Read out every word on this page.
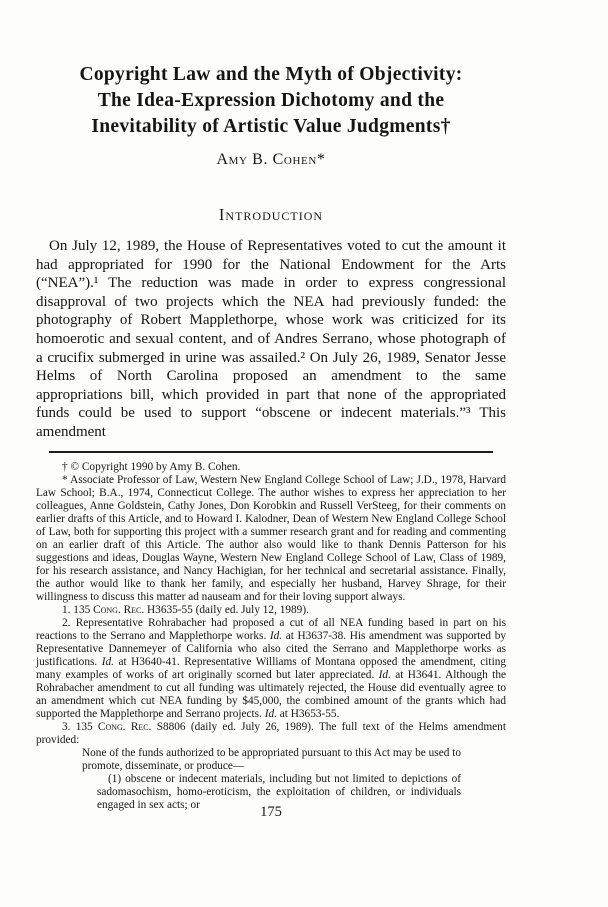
Copyright Law and the Myth of Objectivity:
The Idea-Expression Dichotomy and the
Inevitability of Artistic Value Judgments†
Amy B. Cohen*
Introduction

On July 12, 1989, the House of Representatives voted to cut the amount it had appropriated for 1990 for the National Endowment for the Arts (“NEA”).¹ The reduction was made in order to express congressional disapproval of two projects which the NEA had previously funded: the photography of Robert Mapplethorpe, whose work was criticized for its homoerotic and sexual content, and of Andres Serrano, whose photograph of a crucifix submerged in urine was assailed.² On July 26, 1989, Senator Jesse Helms of North Carolina proposed an amendment to the same appropriations bill, which provided in part that none of the appropriated funds could be used to support “obscene or indecent materials.”³ This amendment

† © Copyright 1990 by Amy B. Cohen.

* Associate Professor of Law, Western New England College School of Law; J.D., 1978, Harvard Law School; B.A., 1974, Connecticut College. The author wishes to express her appreciation to her colleagues, Anne Goldstein, Cathy Jones, Don Korobkin and Russell VerSteeg, for their comments on earlier drafts of this Article, and to Howard I. Kalodner, Dean of Western New England College School of Law, both for supporting this project with a summer research grant and for reading and commenting on an earlier draft of this Article. The author also would like to thank Dennis Patterson for his suggestions and ideas, Douglas Wayne, Western New England College School of Law, Class of 1989, for his research assistance, and Nancy Hachigian, for her technical and secretarial assistance. Finally, the author would like to thank her family, and especially her husband, Harvey Shrage, for their willingness to discuss this matter ad nauseam and for their loving support always.

1. 135 Cong. Rec. H3635-55 (daily ed. July 12, 1989).

2. Representative Rohrabacher had proposed a cut of all NEA funding based in part on his reactions to the Serrano and Mapplethorpe works. Id. at H3637-38. His amendment was supported by Representative Dannemeyer of California who also cited the Serrano and Mapplethorpe works as justifications. Id. at H3640-41. Representative Williams of Montana opposed the amendment, citing many examples of works of art originally scorned but later appreciated. Id. at H3641. Although the Rohrabacher amendment to cut all funding was ultimately rejected, the House did eventually agree to an amendment which cut NEA funding by $45,000, the combined amount of the grants which had supported the Mapplethorpe and Serrano projects. Id. at H3653-55.

3. 135 Cong. Rec. S8806 (daily ed. July 26, 1989). The full text of the Helms amendment provided:

None of the funds authorized to be appropriated pursuant to this Act may be used to promote, disseminate, or produce—

(1) obscene or indecent materials, including but not limited to depictions of sadomasochism, homo-eroticism, the exploitation of children, or individuals engaged in sex acts; or	175
